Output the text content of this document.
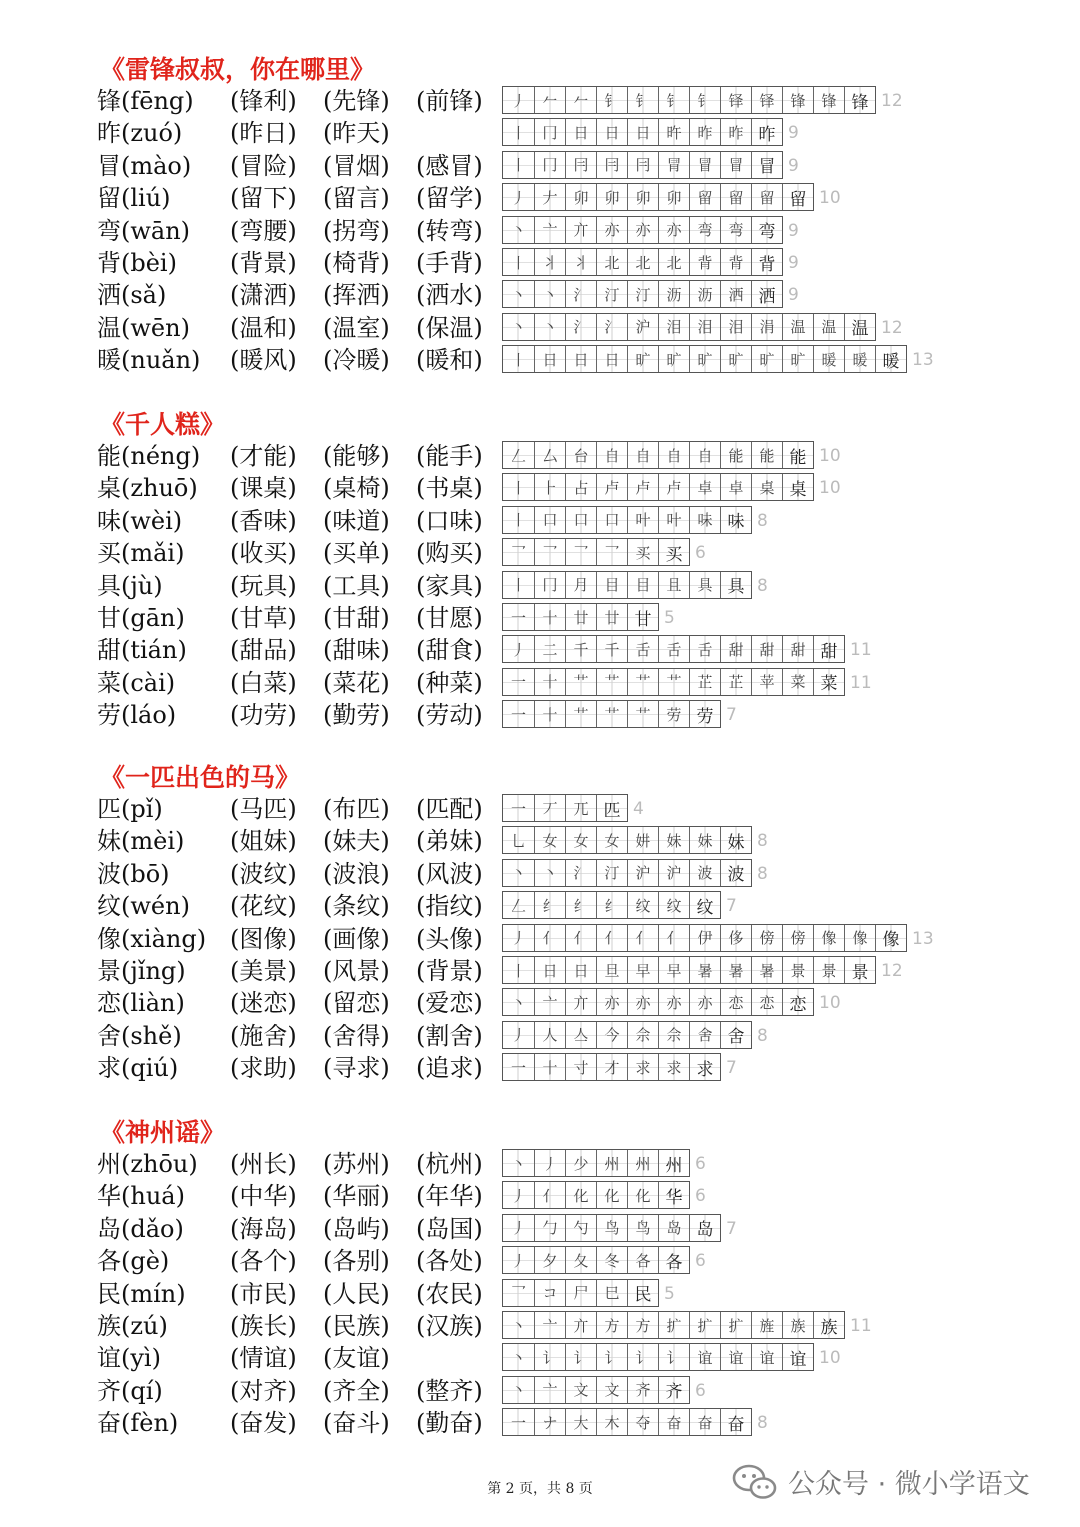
第 2 页，共 8 页	公众号 · 微小学语文
《雷锋叔叔，你在哪里》
锋(fēng) (锋利) (先锋) (前锋)	丿	𠂉	𠂉	钅	钅	钅	钅	铎	铎	锋	锋 锋 12
昨(zuó) (昨日) (昨天)	丨	冂	日	日	日	旿	昨	昨 昨 9
冒(mào) (冒险) (冒烟) (感冒)	丨	冂	冃	冃	冃	冐	冒	冒 冒 9
留(liú) (留下) (留言) (留学)	丿	𠂇	卯	卯	卯	卯	留	留	留 留 10
弯(wān) (弯腰) (拐弯) (转弯)	丶	亠	亣	亦	亦	亦	弯	弯 弯 9
背(bèi) (背景) (椅背) (手背)	丨	丬	丬	北	北	北	背	背 背 9
洒(sǎ)	(潇洒) (挥洒) (洒水)	丶	丶	氵	汀	汀	沥	沥	洒 洒 9
温(wēn) (温和) (温室) (保温)	丶	丶	氵	氵	沪	泪	泪	泪	涓	温	温 温 12
暖(nuǎn) (暖风) (冷暖) (暖和)	丨	日	日	日	旷	旷	旷	旷	旷	旷	暖	暖 暖 13
《千人糕》
能(néng) (才能) (能够) (能手)	𠃋	厶	台	自	自	自	自	能	能 能 10
桌(zhuō) (课桌) (桌椅) (书桌)	丨	⺊	占	卢	卢	卢	卓	卓	桌 桌 10
味(wèi) (香味) (味道) (口味)	丨	口	口	口	叶	叶	味 味 8
买(mǎi) (收买) (买单) (购买)	乛	乛	乛	乛	买 买 6
具(jù)	(玩具) (工具) (家具)	丨	冂	月	目	目	且	具 具 8
甘(gān) (甘草) (甘甜) (甘愿)	一	十	廿	廿 甘 5
甜(tián) (甜品) (甜味) (甜食)	丿	二	千	千	舌	舌	舌	甜	甜	甜 甜 11
菜(cài) (白菜) (菜花) (种菜)	一	十	艹	艹	艹	艹	芷	芷	苹	菜 菜 11
劳(láo) (功劳) (勤劳) (劳动)	一	十	艹	艹	艹	劳 劳 7
《一匹出色的马》
匹(pǐ)	(马匹) (布匹) (匹配)	一	丆	兀 匹 4
妹(mèi) (姐妹) (妹夫) (弟妹)	乚	女	女	女	妌	妹	妹 妹 8
波(bō)	(波纹) (波浪) (风波)	丶	丶	氵	汀	沪	沪	波 波 8
纹(wén) (花纹) (条纹) (指纹)	𠃋	纟	纟	纟	纹	纹 纹 7
像(xiàng) (图像) (画像) (头像)	丿	亻	亻	亻	亻	亻	伊	侈	傍	傍	像	像 像 13
景(jǐng) (美景) (风景) (背景)	丨	日	日	旦	早	早	暑	暑	暑	景	景 景 12
恋(liàn) (迷恋) (留恋) (爱恋)	丶	亠	亣	亦	亦	亦	亦	恋	恋 恋 10
舍(shě) (施舍) (舍得) (割舍)	丿	人	亼	今	佘	佘	舍 舍 8
求(qiú) (求助) (寻求) (追求)	一	十	寸	才	求	求 求 7
《神州谣》
州(zhōu) (州长) (苏州) (杭州)	丶	丿	少	州	州 州 6
华(huá) (中华) (华丽) (年华)	丿	亻	化	化	化 华 6
岛(dǎo) (海岛) (岛屿) (岛国)	丿	勹	勺	鸟	鸟	岛 岛 7
各(gè)	(各个) (各别) (各处)	丿	夕	夂	冬	各 各 6
民(mín) (市民) (人民) (农民)	乛	コ	尸	巳 民 5
族(zú)	(族长) (民族) (汉族)	丶	亠	亣	方	方	扩	扩	扩	旌	族 族 11
谊(yì)	(情谊) (友谊)	丶	讠	讠	讠	讠	讠	谊	谊	谊 谊 10
齐(qí)	(对齐) (齐全) (整齐)	丶	亠	文	文	齐 齐 6
奋(fèn) (奋发) (奋斗) (勤奋)	一	ナ	大	木	夺	奋	奋 奋 8
